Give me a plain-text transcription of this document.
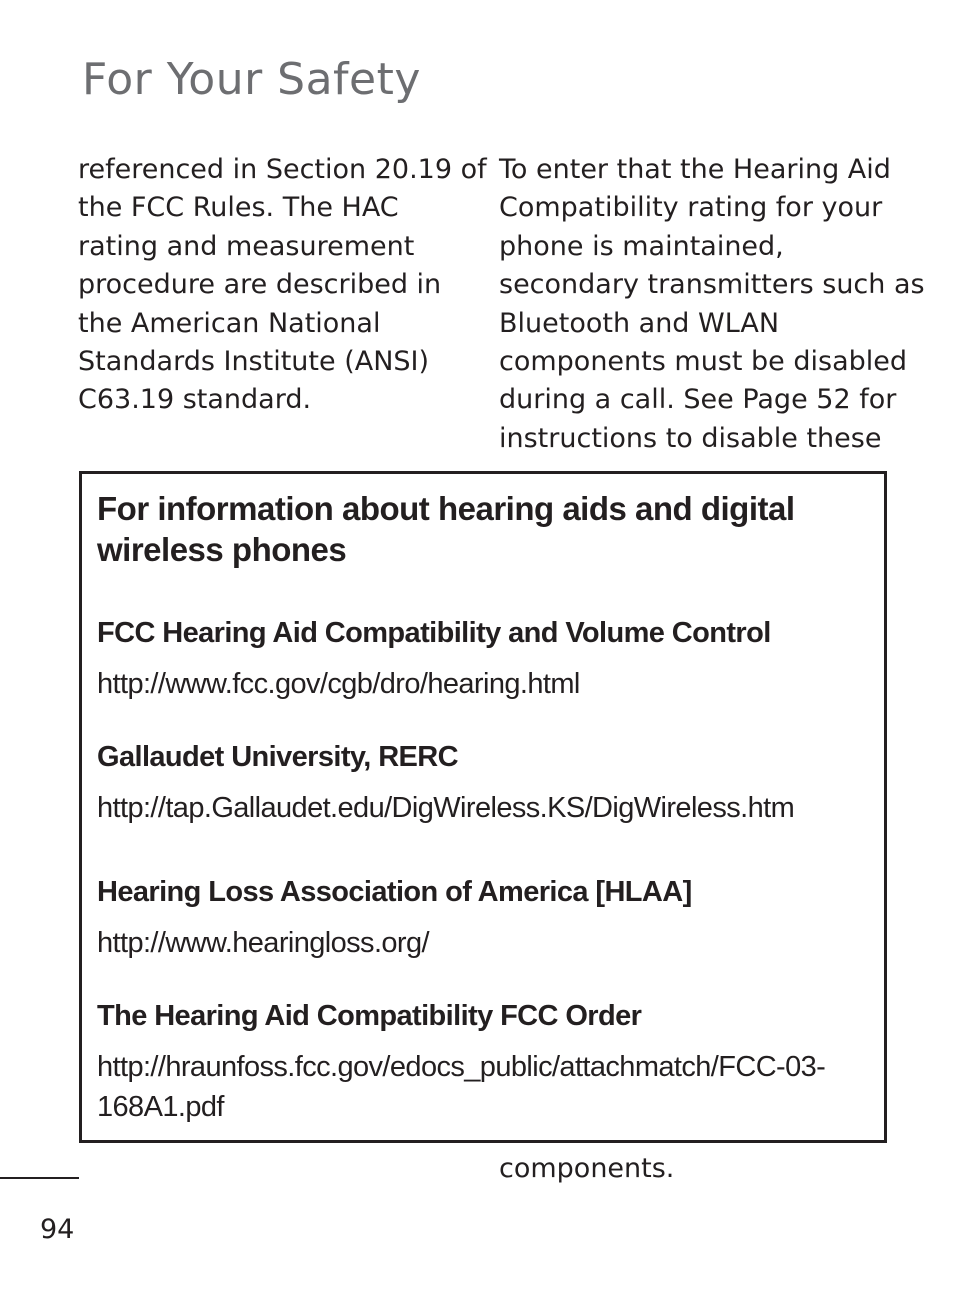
For Your Safety
referenced in Section 20.19 of
the FCC Rules. The HAC
rating and measurement
procedure are described in
the American National
Standards Institute (ANSI)
C63.19 standard.
To enter that the Hearing Aid
Compatibility rating for your
phone is maintained,
secondary transmitters such as
Bluetooth and WLAN
components must be disabled
during a call. See Page 52 for
instructions to disable these
For information about hearing aids and digital
wireless phones
FCC Hearing Aid Compatibility and Volume Control
http://www.fcc.gov/cgb/dro/hearing.html
Gallaudet University, RERC
http://tap.Gallaudet.edu/DigWireless.KS/DigWireless.htm
Hearing Loss Association of America [HLAA]
http://www.hearingloss.org/
The Hearing Aid Compatibility FCC Order
http://hraunfoss.fcc.gov/edocs_public/attachmatch/FCC-03-
168A1.pdf
components.
94
